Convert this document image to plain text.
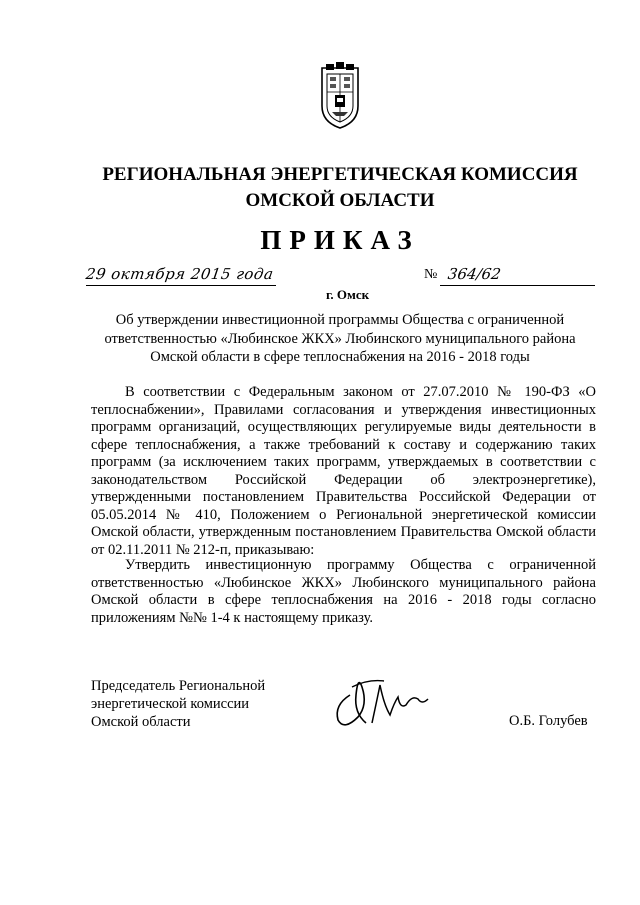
РЕГИОНАЛЬНАЯ ЭНЕРГЕТИЧЕСКАЯ КОМИССИЯ
ОМСКОЙ ОБЛАСТИ
ПРИКАЗ
29 октября 2015 года	№ 364/62
г. Омск
Об утверждении инвестиционной программы Общества с ограниченной ответственностью «Любинское ЖКХ» Любинского муниципального района Омской области в сфере теплоснабжения на 2016 - 2018 годы
В соответствии с Федеральным законом от 27.07.2010 № 190-ФЗ «О теплоснабжении», Правилами согласования и утверждения инвестиционных программ организаций, осуществляющих регулируемые виды деятельности в сфере теплоснабжения, а также требований к составу и содержанию таких программ (за исключением таких программ, утверждаемых в соответствии с законодательством Российской Федерации об электроэнергетике), утвержденными постановлением Правительства Российской Федерации от 05.05.2014 № 410, Положением о Региональной энергетической комиссии Омской области, утвержденным постановлением Правительства Омской области от 02.11.2011 № 212-п, приказываю:
Утвердить инвестиционную программу Общества с ограниченной ответственностью «Любинское ЖКХ» Любинского муниципального района Омской области в сфере теплоснабжения на 2016 - 2018 годы согласно приложениям №№ 1-4 к настоящему приказу.
Председатель Региональной
энергетической комиссии
Омской области	О.Б. Голубев
